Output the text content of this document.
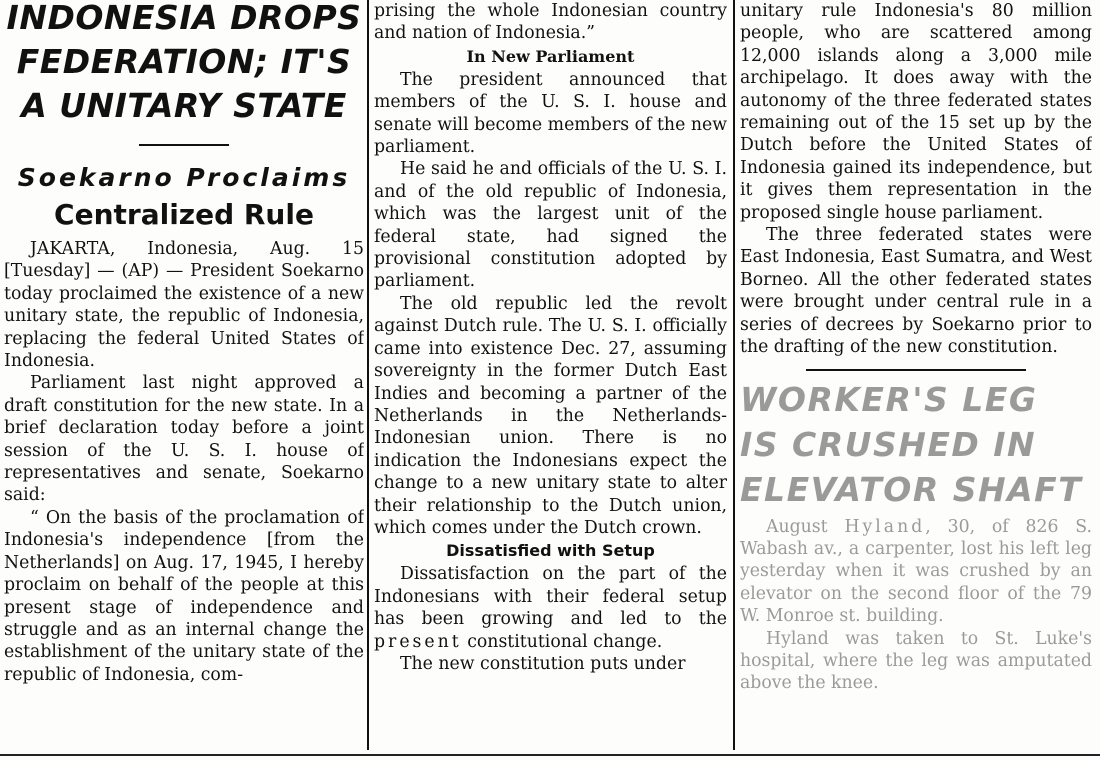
INDONESIA DROPS
FEDERATION; IT'S
A UNITARY STATE
Soekarno Proclaims
Centralized Rule

JAKARTA, Indonesia, Aug. 15 [Tuesday] — (AP) — President Soekarno today proclaimed the existence of a new unitary state, the republic of Indonesia, replacing the federal United States of Indonesia.

Parliament last night approved a draft constitution for the new state. In a brief declaration today before a joint session of the U. S. I. house of representatives and senate, Soekarno said:

“ On the basis of the proclamation of Indonesia's independence [from the Netherlands] on Aug. 17, 1945, I hereby proclaim on behalf of the people at this present stage of independence and struggle and as an internal change the establishment of the unitary state of the republic of Indonesia, com-

prising the whole Indonesian country and nation of Indonesia.”

In New Parliament

The president announced that members of the U. S. I. house and senate will become members of the new parliament.

He said he and officials of the U. S. I. and of the old republic of Indonesia, which was the largest unit of the federal state, had signed the provisional constitution adopted by parliament.

The old republic led the revolt against Dutch rule. The U. S. I. officially came into existence Dec. 27, assuming sovereignty in the former Dutch East Indies and becoming a partner of the Netherlands in the Netherlands-Indonesian union. There is no indication the Indonesians expect the change to a new unitary state to alter their relationship to the Dutch union, which comes under the Dutch crown.

Dissatisfied with Setup

Dissatisfaction on the part of the Indonesians with their federal setup has been growing and led to the present constitutional change.

The new constitution puts under

unitary rule Indonesia's 80 million people, who are scattered among 12,000 islands along a 3,000 mile archipelago. It does away with the autonomy of the three federated states remaining out of the 15 set up by the Dutch before the United States of Indonesia gained its independence, but it gives them representation in the proposed single house parliament.

The three federated states were East Indonesia, East Sumatra, and West Borneo. All the other federated states were brought under central rule in a series of decrees by Soekarno prior to the drafting of the new constitution.

WORKER'S LEG
IS CRUSHED IN
ELEVATOR SHAFT

August Hyland, 30, of 826 S. Wabash av., a carpenter, lost his left leg yesterday when it was crushed by an elevator on the second floor of the 79 W. Monroe st. building.

Hyland was taken to St. Luke's hospital, where the leg was amputated above the knee.
